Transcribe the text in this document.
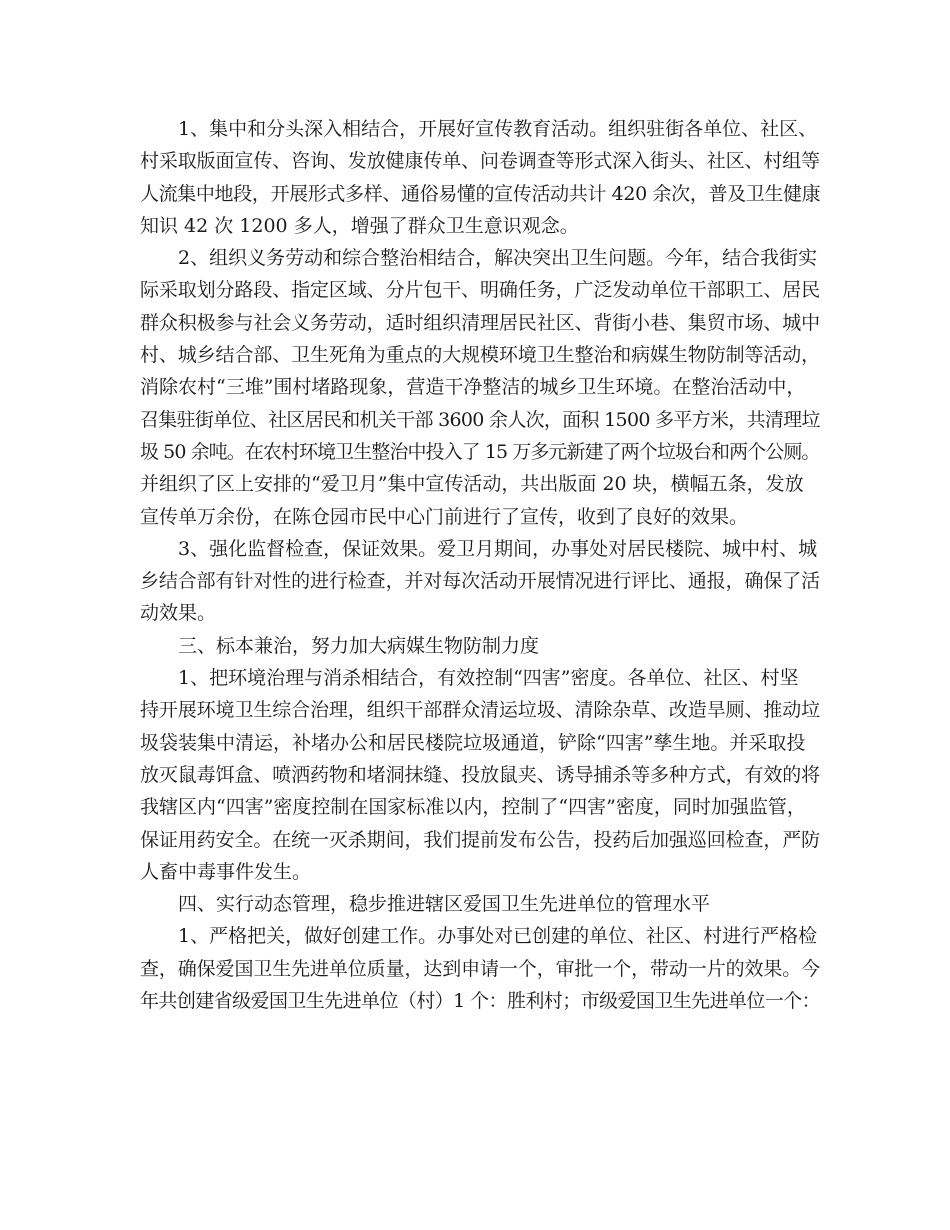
1、集中和分头深入相结合，开展好宣传教育活动。组织驻街各单位、社区、
村采取版面宣传、咨询、发放健康传单、问卷调查等形式深入街头、社区、村组等
人流集中地段，开展形式多样、通俗易懂的宣传活动共计 420 余次，普及卫生健康
知识 42 次 1200 多人，增强了群众卫生意识观念。
2、组织义务劳动和综合整治相结合，解决突出卫生问题。今年，结合我街实
际采取划分路段、指定区域、分片包干、明确任务，广泛发动单位干部职工、居民
群众积极参与社会义务劳动，适时组织清理居民社区、背街小巷、集贸市场、城中
村、城乡结合部、卫生死角为重点的大规模环境卫生整治和病媒生物防制等活动，
消除农村“三堆”围村堵路现象，营造干净整洁的城乡卫生环境。在整治活动中，
召集驻街单位、社区居民和机关干部 3600 余人次，面积 1500 多平方米，共清理垃
圾 50 余吨。在农村环境卫生整治中投入了 15 万多元新建了两个垃圾台和两个公厕。
并组织了区上安排的“爱卫月”集中宣传活动，共出版面 20 块，横幅五条，发放
宣传单万余份，在陈仓园市民中心门前进行了宣传，收到了良好的效果。
3、强化监督检查，保证效果。爱卫月期间，办事处对居民楼院、城中村、城
乡结合部有针对性的进行检查，并对每次活动开展情况进行评比、通报，确保了活
动效果。
三、标本兼治，努力加大病媒生物防制力度
1、把环境治理与消杀相结合，有效控制“四害”密度。各单位、社区、村坚
持开展环境卫生综合治理，组织干部群众清运垃圾、清除杂草、改造旱厕、推动垃
圾袋装集中清运，补堵办公和居民楼院垃圾通道，铲除“四害”孳生地。并采取投
放灭鼠毒饵盒、喷洒药物和堵洞抹缝、投放鼠夹、诱导捕杀等多种方式，有效的将
我辖区内“四害”密度控制在国家标准以内，控制了“四害”密度，同时加强监管，
保证用药安全。在统一灭杀期间，我们提前发布公告，投药后加强巡回检查，严防
人畜中毒事件发生。
四、实行动态管理，稳步推进辖区爱国卫生先进单位的管理水平
1、严格把关，做好创建工作。办事处对已创建的单位、社区、村进行严格检
查，确保爱国卫生先进单位质量，达到申请一个，审批一个，带动一片的效果。今
年共创建省级爱国卫生先进单位（村）1 个：胜利村；市级爱国卫生先进单位一个：
